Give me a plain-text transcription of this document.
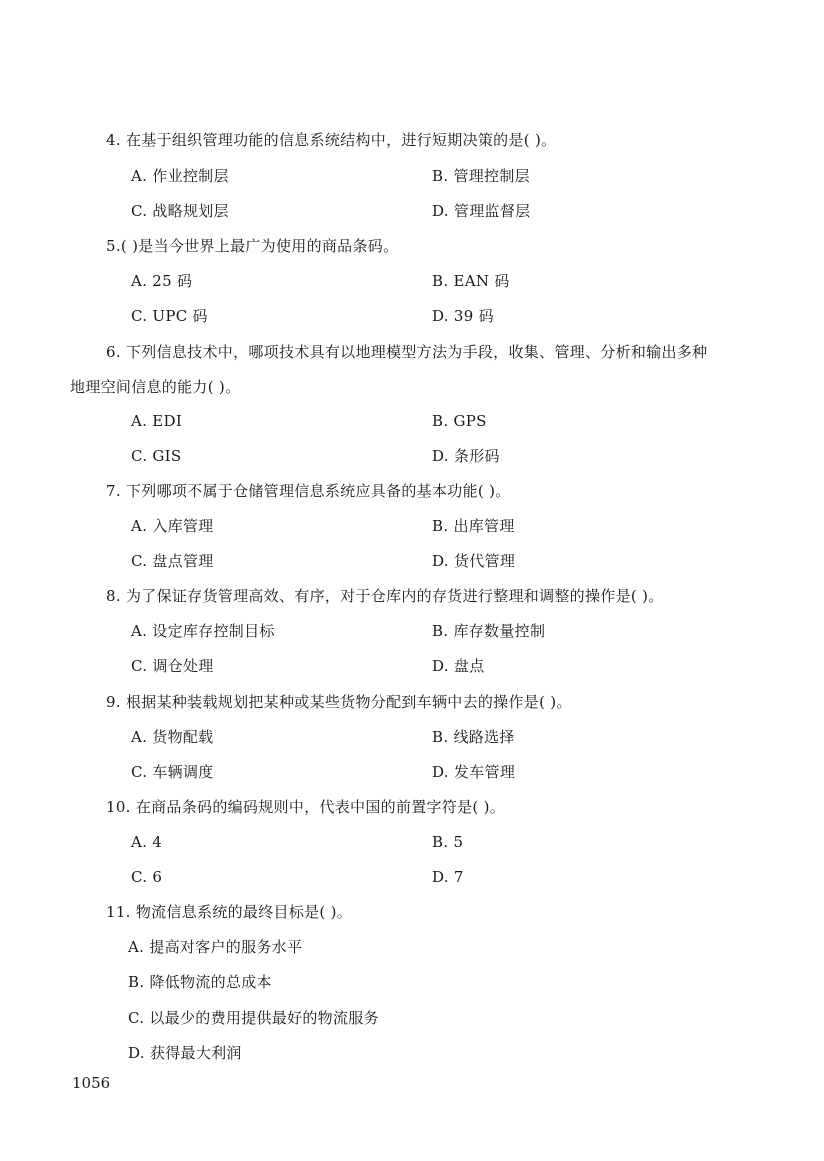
4. 在基于组织管理功能的信息系统结构中，进行短期决策的是( )。
A. 作业控制层	B. 管理控制层
C. 战略规划层	D. 管理监督层
5.( )是当今世界上最广为使用的商品条码。
A. 25 码	B. EAN 码
C. UPC 码	D. 39 码
6. 下列信息技术中，哪项技术具有以地理模型方法为手段，收集、管理、分析和输出多种
地理空间信息的能力( )。
A. EDI	B. GPS
C. GIS	D. 条形码
7. 下列哪项不属于仓储管理信息系统应具备的基本功能( )。
A. 入库管理	B. 出库管理
C. 盘点管理	D. 货代管理
8. 为了保证存货管理高效、有序，对于仓库内的存货进行整理和调整的操作是( )。
A. 设定库存控制目标	B. 库存数量控制
C. 调仓处理	D. 盘点
9. 根据某种装载规划把某种或某些货物分配到车辆中去的操作是( )。
A. 货物配载	B. 线路选择
C. 车辆调度	D. 发车管理
10. 在商品条码的编码规则中，代表中国的前置字符是( )。
A. 4	B. 5
C. 6	D. 7
11. 物流信息系统的最终目标是( )。
A. 提高对客户的服务水平
B. 降低物流的总成本
C. 以最少的费用提供最好的物流服务
D. 获得最大利润
1056
